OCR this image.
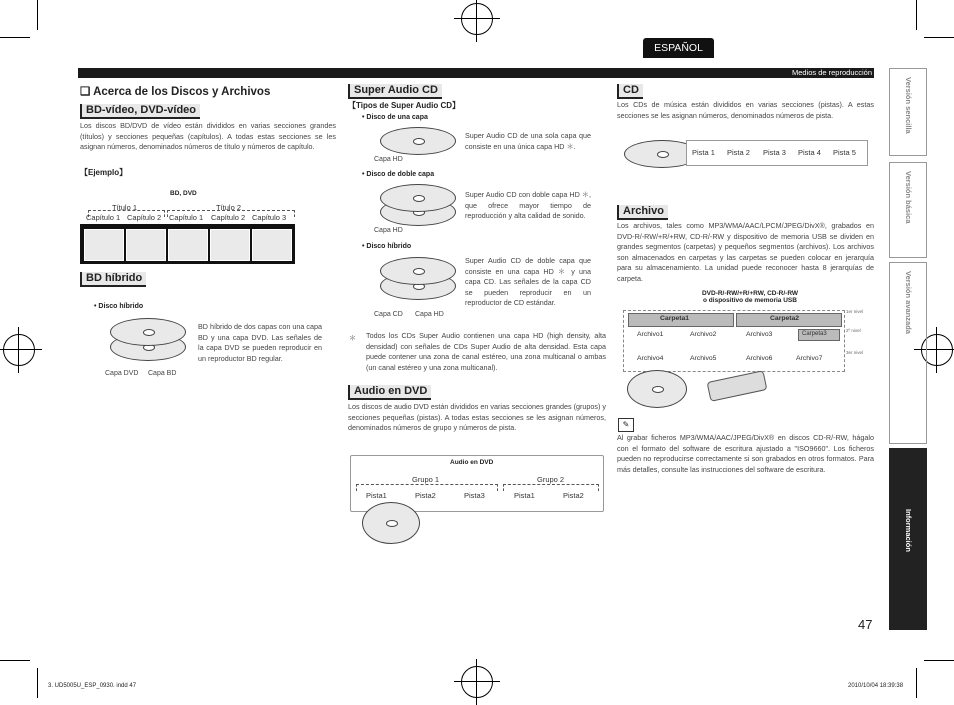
ESPAÑOL
Medios de reproducción
Versión sencilla
Versión básica
Versión avanzada
Información
❑ Acerca de los Discos y Archivos
BD-vídeo, DVD-vídeo
Los discos BD/DVD de vídeo están divididos en varias secciones grandes (títulos) y secciones pequeñas (capítulos). A todas estas secciones se les asignan números, denominados números de título y números de capítulo.
【Ejemplo】
BD, DVD
Título 1	Título 2
Capítulo 1 Capítulo 2 Capítulo 1 Capítulo 2 Capítulo 3
BD híbrido
• Disco híbrido
Capa DVD Capa BD
BD híbrido de dos capas con una capa BD y una capa DVD. Las señales de la capa DVD se pueden reproducir en un reproductor BD regular.
Super Audio CD
【Tipos de Super Audio CD】
• Disco de una capa
Capa HD
Super Audio CD de una sola capa que consiste en una única capa HD ＊.
• Disco de doble capa
Capa HD
Super Audio CD con doble capa HD ＊, que ofrece mayor tiempo de reproducción y alta calidad de sonido.
• Disco híbrido
Capa CD Capa HD
Super Audio CD de doble capa que consiste en una capa HD ＊ y una capa CD. Las señales de la capa CD se pueden reproducir en un reproductor de CD estándar.
＊ Todos los CDs Super Audio contienen una capa HD (high density, alta densidad) con señales de CDs Super Audio de alta densidad. Esta capa puede contener una zona de canal estéreo, una zona multicanal o ambas (un canal estéreo y una zona multicanal).
Audio en DVD
Los discos de audio DVD están divididos en varias secciones grandes (grupos) y secciones pequeñas (pistas). A todas estas secciones se les asignan números, denominados números de grupo y números de pista.
Audio en DVD
Grupo 1	Grupo 2
Pista1	Pista2	Pista3	Pista1	Pista2
CD
Los CDs de música están divididos en varias secciones (pistas). A estas secciones se les asignan números, denominados números de pista.
Pista 1 Pista 2 Pista 3 Pista 4 Pista 5
Archivo
Los archivos, tales como MP3/WMA/AAC/LPCM/JPEG/DivX®, grabados en DVD-R/-RW/+R/+RW, CD-R/-RW y dispositivo de memoria USB se dividen en grandes segmentos (carpetas) y pequeños segmentos (archivos). Los archivos son almacenados en carpetas y las carpetas se pueden colocar en jerarquía para su almacenamiento. La unidad puede reconocer hasta 8 jerarquías de carpeta.
DVD-R/-RW/+R/+RW, CD-R/-RW
o dispositivo de memoria USB
Carpeta1	Carpeta2
Archivo1	Archivo2	Archivo3	Carpeta3
Archivo4	Archivo5	Archivo6	Archivo7
1er nivel
2º nivel
3er nivel
✎
Al grabar ficheros MP3/WMA/AAC/JPEG/DivX® en discos CD-R/-RW, hágalo con el formato del software de escritura ajustado a "ISO9660". Los ficheros pueden no reproducirse correctamente si son grabados en otros formatos. Para más detalles, consulte las instrucciones del software de escritura.
47
3. UD5005U_ESP_0930. indd 47	2010/10/04 18:39:38
